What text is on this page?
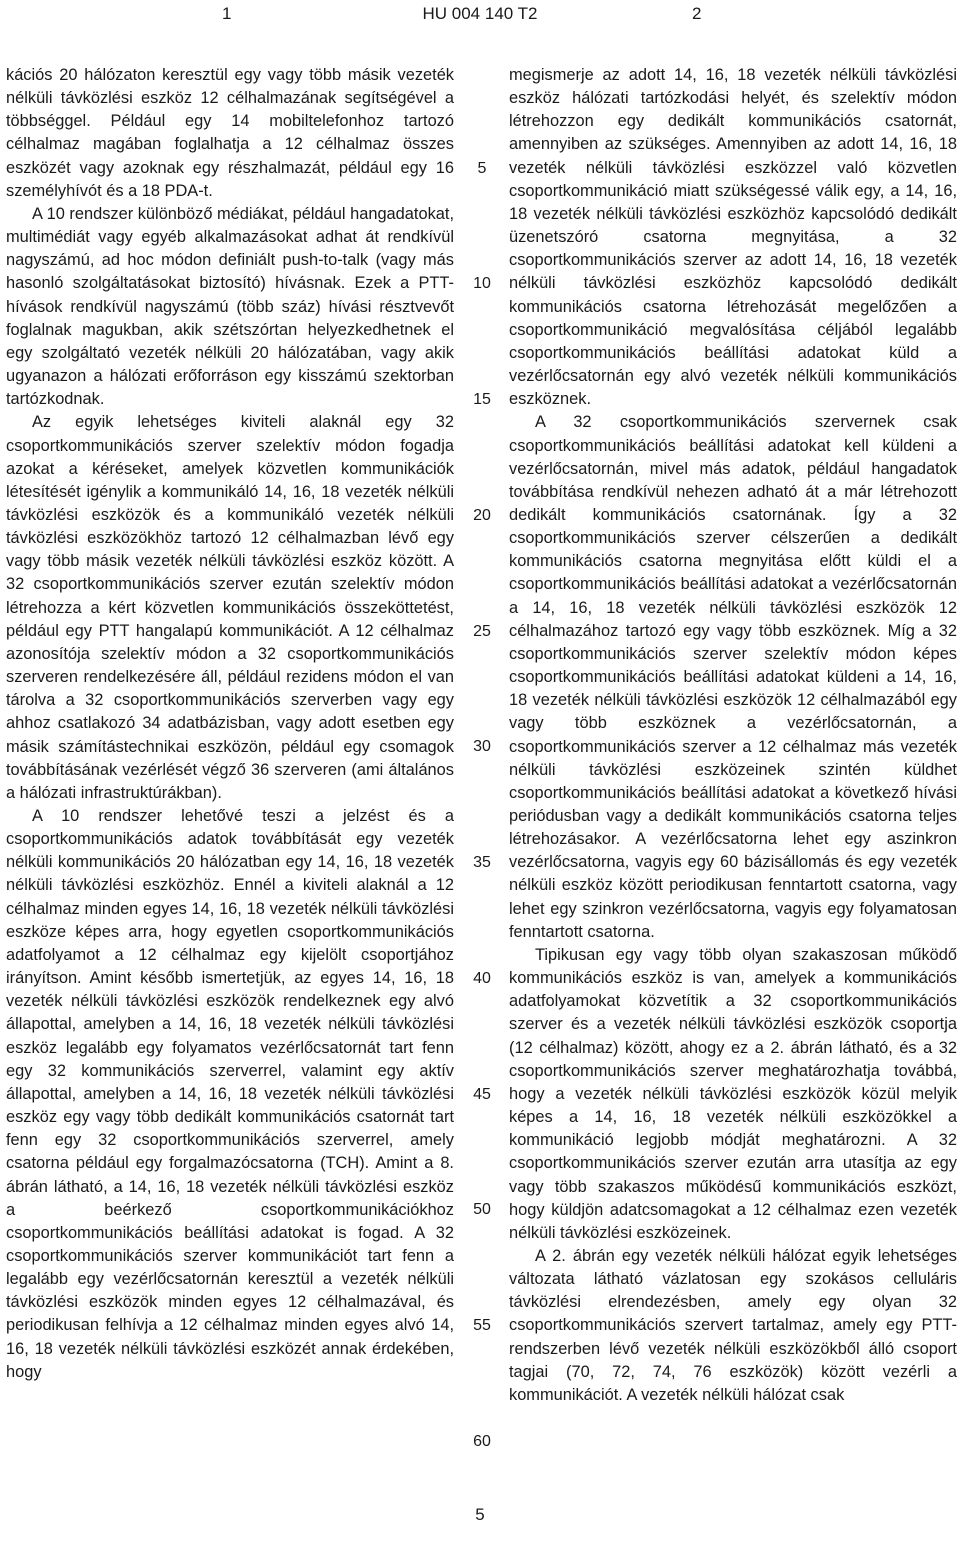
1	HU 004 140 T2	2

kációs 20 hálózaton keresztül egy vagy több másik vezeték nélküli távközlési eszköz 12 célhalmazának segítségével a többséggel. Például egy 14 mobiltelefonhoz tartozó célhalmaz magában foglalhatja a 12 célhalmaz összes eszközét vagy azoknak egy részhalmazát, például egy 16 személyhívót és a 18 PDA-t.

A 10 rendszer különböző médiákat, például hangadatokat, multimédiát vagy egyéb alkalmazásokat adhat át rendkívül nagyszámú, ad hoc módon definiált push-to-talk (vagy más hasonló szolgáltatásokat biztosító) hívásnak. Ezek a PTT-hívások rendkívül nagyszámú (több száz) hívási résztvevőt foglalnak magukban, akik szétszórtan helyezkedhetnek el egy szolgáltató vezeték nélküli 20 hálózatában, vagy akik ugyanazon a hálózati erőforráson egy kisszámú szektorban tartózkodnak.

Az egyik lehetséges kiviteli alaknál egy 32 csoportkommunikációs szerver szelektív módon fogadja azokat a kéréseket, amelyek közvetlen kommunikációk létesítését igénylik a kommunikáló 14, 16, 18 vezeték nélküli távközlési eszközök és a kommunikáló vezeték nélküli távközlési eszközökhöz tartozó 12 célhalmazban lévő egy vagy több másik vezeték nélküli távközlési eszköz között. A 32 csoportkommunikációs szerver ezután szelektív módon létrehozza a kért közvetlen kommunikációs összeköttetést, például egy PTT hangalapú kommunikációt. A 12 célhalmaz azonosítója szelektív módon a 32 csoportkommunikációs szerveren rendelkezésére áll, például rezidens módon el van tárolva a 32 csoportkommunikációs szerverben vagy egy ahhoz csatlakozó 34 adatbázisban, vagy adott esetben egy másik számítástechnikai eszközön, például egy csomagok továbbításának vezérlését végző 36 szerveren (ami általános a hálózati infrastruktúrákban).

A 10 rendszer lehetővé teszi a jelzést és a csoportkommunikációs adatok továbbítását egy vezeték nélküli kommunikációs 20 hálózatban egy 14, 16, 18 vezeték nélküli távközlési eszközhöz. Ennél a kiviteli alaknál a 12 célhalmaz minden egyes 14, 16, 18 vezeték nélküli távközlési eszköze képes arra, hogy egyetlen csoportkommunikációs adatfolyamot a 12 célhalmaz egy kijelölt csoportjához irányítson. Amint később ismertetjük, az egyes 14, 16, 18 vezeték nélküli távközlési eszközök rendelkeznek egy alvó állapottal, amelyben a 14, 16, 18 vezeték nélküli távközlési eszköz legalább egy folyamatos vezérlőcsatornát tart fenn egy 32 kommunikációs szerverrel, valamint egy aktív állapottal, amelyben a 14, 16, 18 vezeték nélküli távközlési eszköz egy vagy több dedikált kommunikációs csatornát tart fenn egy 32 csoportkommunikációs szerverrel, amely csatorna például egy forgalmazócsatorna (TCH). Amint a 8. ábrán látható, a 14, 16, 18 vezeték nélküli távközlési eszköz a beérkező csoportkommunikációkhoz csoportkommunikációs beállítási adatokat is fogad. A 32 csoportkommunikációs szerver kommunikációt tart fenn a legalább egy vezérlőcsatornán keresztül a vezeték nélküli távközlési eszközök minden egyes 12 célhalmazával, és periodikusan felhívja a 12 célhalmaz minden egyes alvó 14, 16, 18 vezeték nélküli távközlési eszközét annak érdekében, hogy

5
10
15
20
25
30
35
40
45
50
55
60

megismerje az adott 14, 16, 18 vezeték nélküli távközlési eszköz hálózati tartózkodási helyét, és szelektív módon létrehozzon egy dedikált kommunikációs csatornát, amennyiben az szükséges. Amennyiben az adott 14, 16, 18 vezeték nélküli távközlési eszközzel való közvetlen csoportkommunikáció miatt szükségessé válik egy, a 14, 16, 18 vezeték nélküli távközlési eszközhöz kapcsolódó dedikált üzenetszóró csatorna megnyitása, a 32 csoportkommunikációs szerver az adott 14, 16, 18 vezeték nélküli távközlési eszközhöz kapcsolódó dedikált kommunikációs csatorna létrehozását megelőzően a csoportkommunikáció megvalósítása céljából legalább csoportkommunikációs beállítási adatokat küld a vezérlőcsatornán egy alvó vezeték nélküli kommunikációs eszköznek.

A 32 csoportkommunikációs szervernek csak csoportkommunikációs beállítási adatokat kell küldeni a vezérlőcsatornán, mivel más adatok, például hangadatok továbbítása rendkívül nehezen adható át a már létrehozott dedikált kommunikációs csatornának. Így a 32 csoportkommunikációs szerver célszerűen a dedikált kommunikációs csatorna megnyitása előtt küldi el a csoportkommunikációs beállítási adatokat a vezérlőcsatornán a 14, 16, 18 vezeték nélküli távközlési eszközök 12 célhalmazához tartozó egy vagy több eszköznek. Míg a 32 csoportkommunikációs szerver szelektív módon képes csoportkommunikációs beállítási adatokat küldeni a 14, 16, 18 vezeték nélküli távközlési eszközök 12 célhalmazából egy vagy több eszköznek a vezérlőcsatornán, a csoportkommunikációs szerver a 12 célhalmaz más vezeték nélküli távközlési eszközeinek szintén küldhet csoportkommunikációs beállítási adatokat a következő hívási periódusban vagy a dedikált kommunikációs csatorna teljes létrehozásakor. A vezérlőcsatorna lehet egy aszinkron vezérlőcsatorna, vagyis egy 60 bázisállomás és egy vezeték nélküli eszköz között periodikusan fenntartott csatorna, vagy lehet egy szinkron vezérlőcsatorna, vagyis egy folyamatosan fenntartott csatorna.

Tipikusan egy vagy több olyan szakaszosan működő kommunikációs eszköz is van, amelyek a kommunikációs adatfolyamokat közvetítik a 32 csoportkommunikációs szerver és a vezeték nélküli távközlési eszközök csoportja (12 célhalmaz) között, ahogy ez a 2. ábrán látható, és a 32 csoportkommunikációs szerver meghatározhatja továbbá, hogy a vezeték nélküli távközlési eszközök közül melyik képes a 14, 16, 18 vezeték nélküli eszközökkel a kommunikáció legjobb módját meghatározni. A 32 csoportkommunikációs szerver ezután arra utasítja az egy vagy több szakaszos működésű kommunikációs eszközt, hogy küldjön adatcsomagokat a 12 célhalmaz ezen vezeték nélküli távközlési eszközeinek.

A 2. ábrán egy vezeték nélküli hálózat egyik lehetséges változata látható vázlatosan egy szokásos celluláris távközlési elrendezésben, amely egy olyan 32 csoportkommunikációs szervert tartalmaz, amely egy PTT-rendszerben lévő vezeték nélküli eszközökből álló csoport tagjai (70, 72, 74, 76 eszközök) között vezérli a kommunikációt. A vezeték nélküli hálózat csak

5
